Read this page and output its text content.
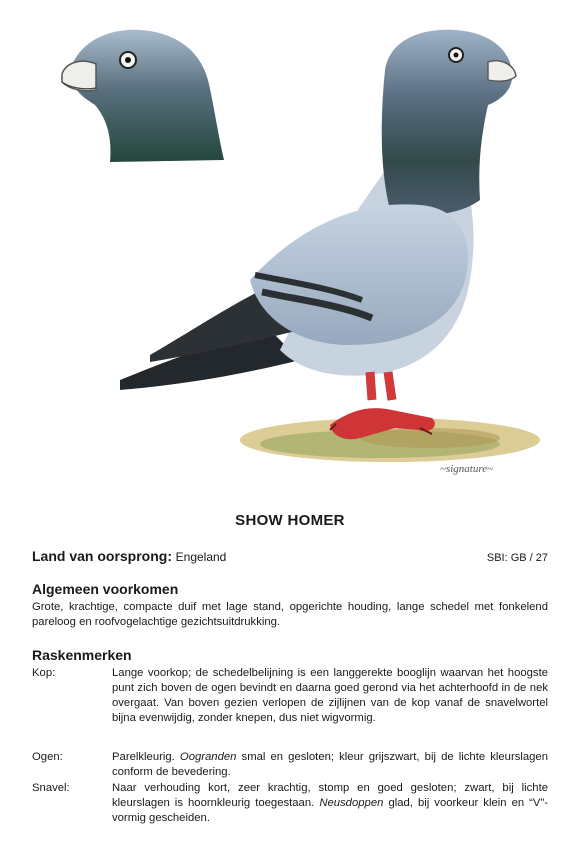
~signature~
SHOW HOMER
Land van oorsprong: Engeland	SBI: GB / 27
Algemeen voorkomen
Grote, krachtige, compacte duif met lage stand, opgerichte houding, lange schedel met fonkelend pareloog en roofvogelachtige gezichtsuitdrukking.
Raskenmerken
Kop:	Lange voorkop; de schedelbelijning is een langgerekte booglijn waarvan het hoogste punt zich boven de ogen bevindt en daarna goed gerond via het achterhoofd in de nek overgaat. Van boven gezien verlopen de zijlijnen van de kop vanaf de snavelwortel bijna evenwijdig, zonder knepen, dus niet wigvormig.
Ogen:	Parelkleurig. Oogranden smal en gesloten; kleur grijszwart, bij de lichte kleurslagen conform de bevedering.
Snavel:	Naar verhouding kort, zeer krachtig, stomp en goed gesloten; zwart, bij lichte kleurslagen is hoornkleurig toegestaan. Neusdoppen glad, bij voorkeur klein en “V”-vormig gescheiden.
